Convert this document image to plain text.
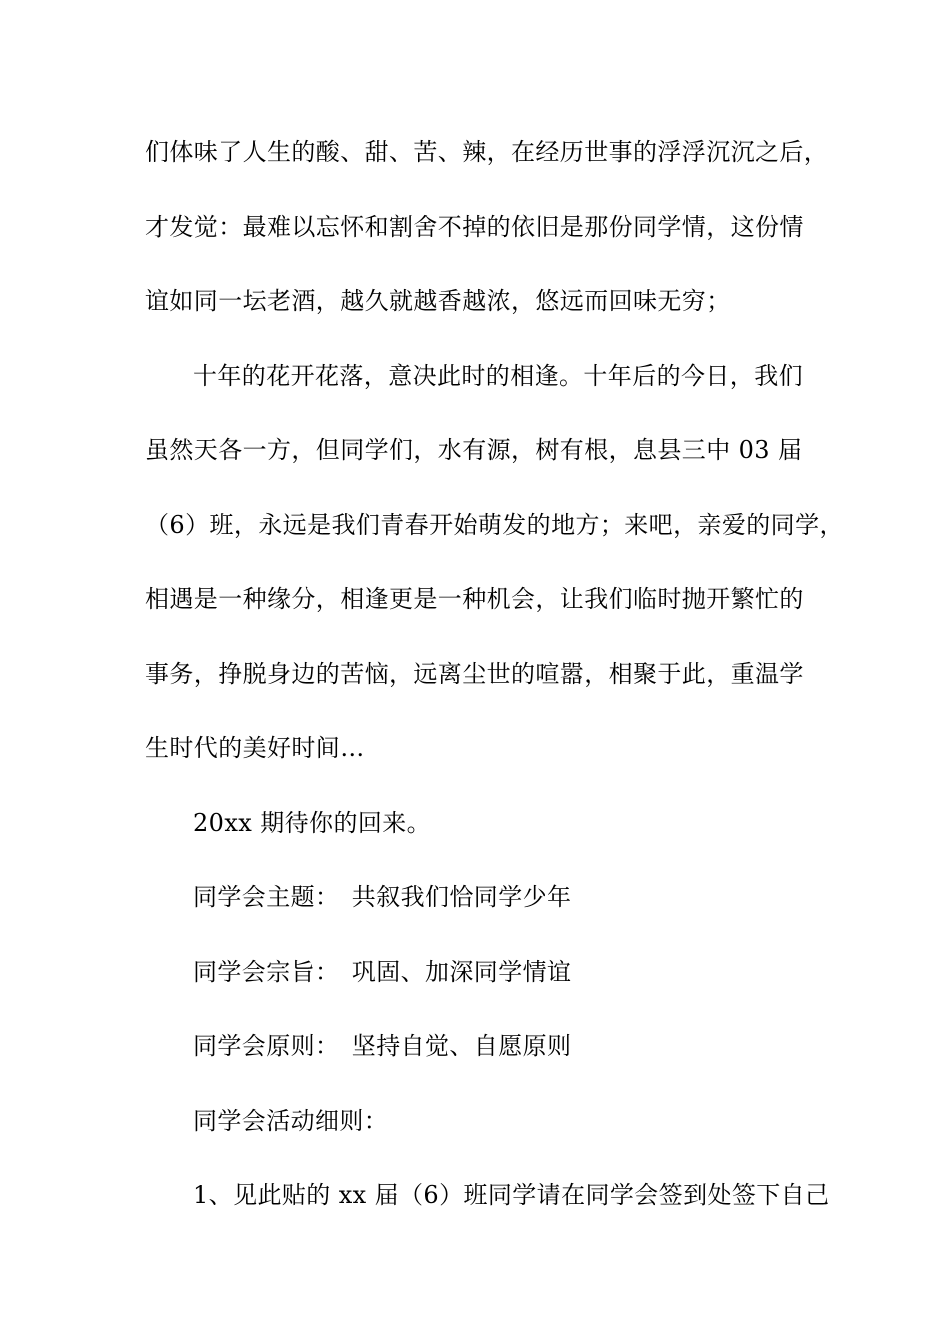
们体味了人生的酸、甜、苦、辣，在经历世事的浮浮沉沉之后，
才发觉：最难以忘怀和割舍不掉的依旧是那份同学情，这份情
谊如同一坛老酒，越久就越香越浓，悠远而回味无穷；
十年的花开花落，意决此时的相逢。十年后的今日，我们
虽然天各一方，但同学们，水有源，树有根，息县三中 03 届
（6）班，永远是我们青春开始萌发的地方；来吧，亲爱的同学，
相遇是一种缘分，相逢更是一种机会，让我们临时抛开繁忙的
事务，挣脱身边的苦恼，远离尘世的喧嚣，相聚于此，重温学
生时代的美好时间…
20xx 期待你的回来。
同学会主题：　共叙我们恰同学少年
同学会宗旨：　巩固、加深同学情谊
同学会原则：　坚持自觉、自愿原则
同学会活动细则：
1、见此贴的 xx 届（6）班同学请在同学会签到处签下自己
